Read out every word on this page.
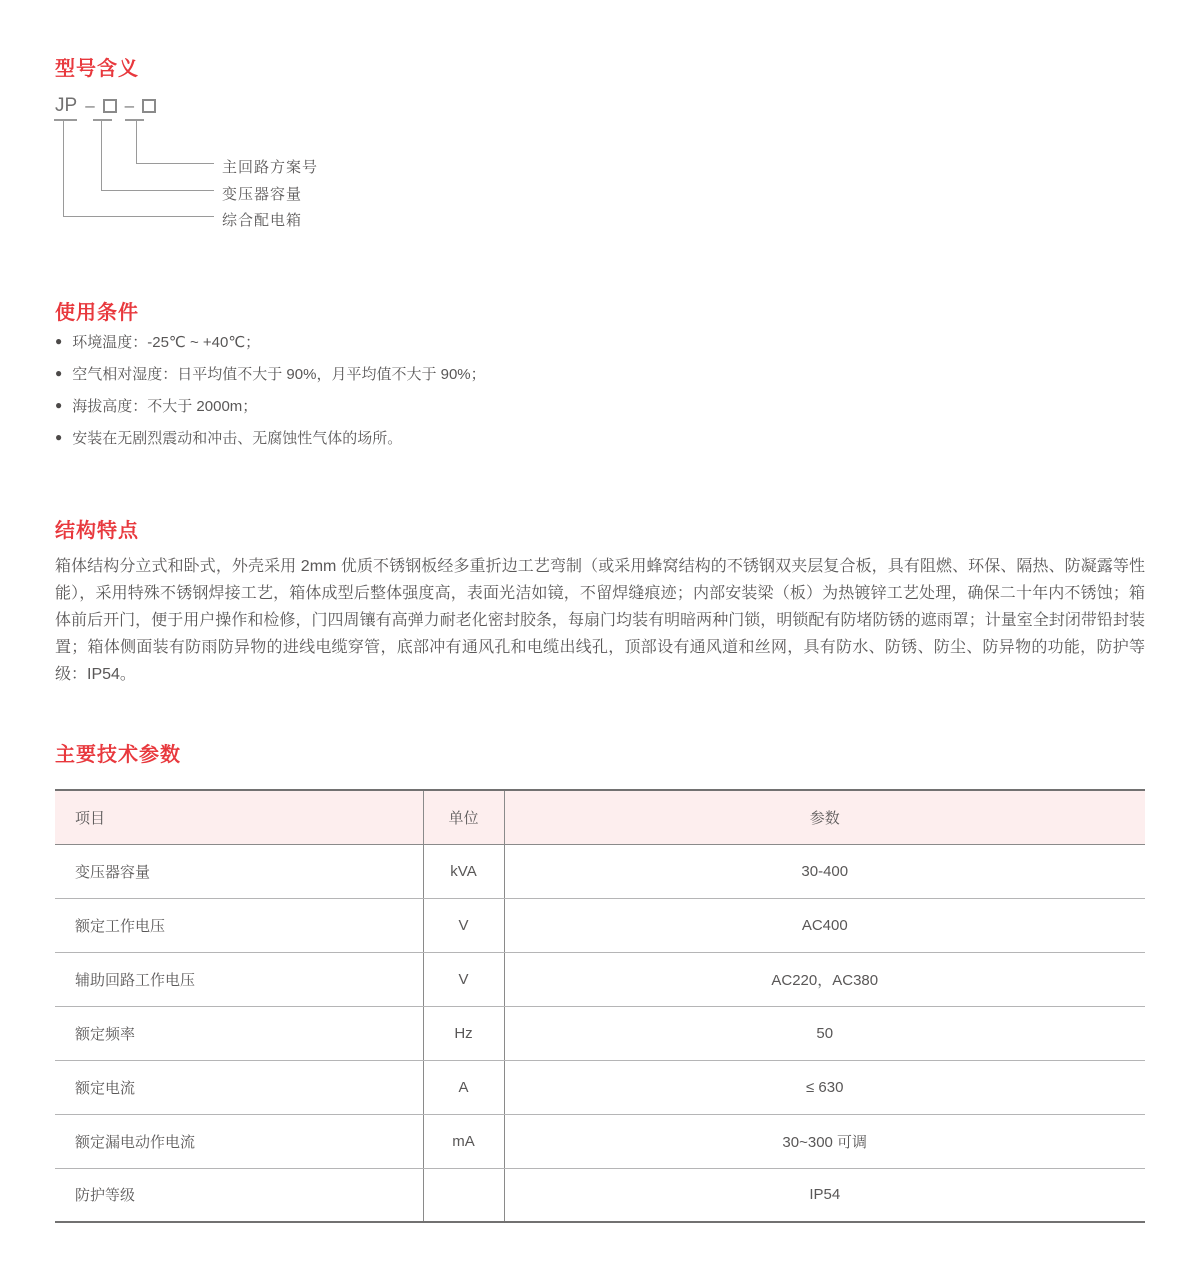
型号含义
JP – –
主回路方案号
变压器容量
综合配电箱
使用条件
● 环境温度：-25℃ ~ +40℃；
● 空气相对湿度：日平均值不大于 90%，月平均值不大于 90%；
● 海拔高度：不大于 2000m；
● 安装在无剧烈震动和冲击、无腐蚀性气体的场所。
结构特点

箱体结构分立式和卧式，外壳采用 2mm 优质不锈钢板经多重折边工艺弯制（或采用蜂窝结构的不锈钢双夹层复合板，具有阻燃、环保、隔热、防凝露等性能），采用特殊不锈钢焊接工艺，箱体成型后整体强度高，表面光洁如镜，不留焊缝痕迹；内部安装梁（板）为热镀锌工艺处理，确保二十年内不锈蚀；箱体前后开门，便于用户操作和检修，门四周镶有高弹力耐老化密封胶条，每扇门均装有明暗两种门锁，明锁配有防堵防锈的遮雨罩；计量室全封闭带铅封装置；箱体侧面装有防雨防异物的进线电缆穿管，底部冲有通风孔和电缆出线孔，顶部设有通风道和丝网，具有防水、防锈、防尘、防异物的功能，防护等级：IP54。

主要技术参数
项目	单位	参数
变压器容量	kVA	30-400
额定工作电压	V	AC400
辅助回路工作电压	V	AC220，AC380
额定频率	Hz	50
额定电流	A	≤ 630
额定漏电动作电流	mA	30~300 可调
防护等级		IP54
